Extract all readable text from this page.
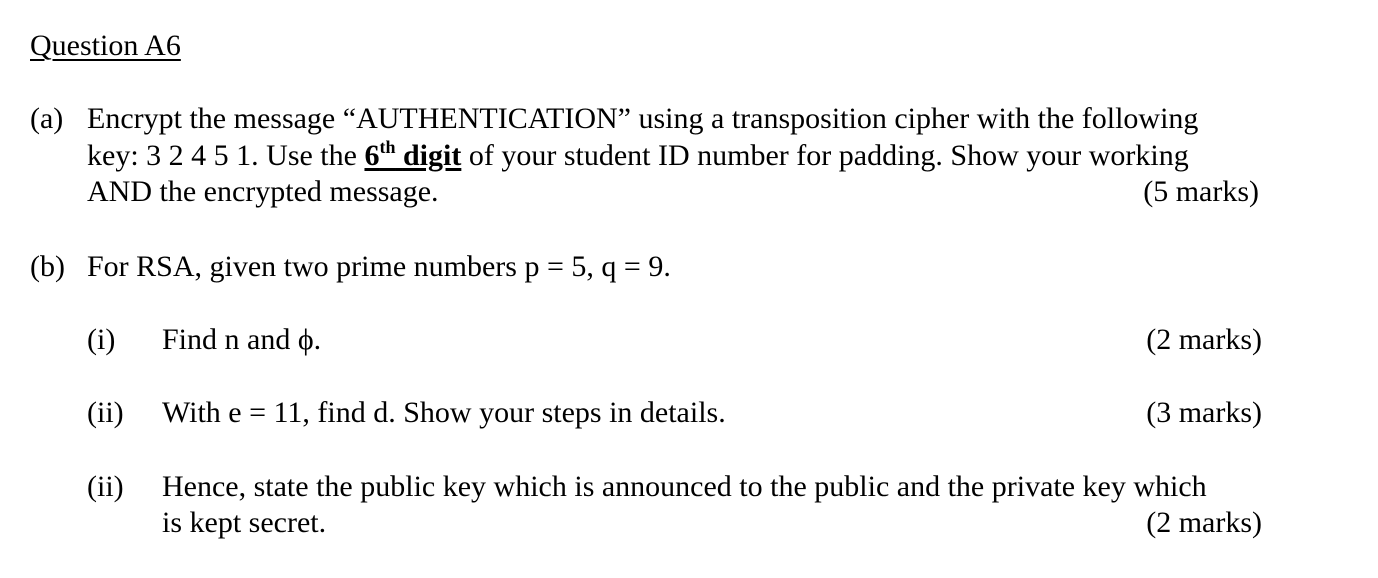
Question A6
(a) Encrypt the message “AUTHENTICATION” using a transposition cipher with the following
key: 3 2 4 5 1. Use the 6th digit of your student ID number for padding. Show your working
AND the encrypted message.	(5 marks)
(b) For RSA, given two prime numbers p = 5, q = 9.
(i) Find n and ϕ.	(2 marks)
(ii) With e = 11, find d. Show your steps in details.	(3 marks)
(ii) Hence, state the public key which is announced to the public and the private key which
is kept secret.	(2 marks)
